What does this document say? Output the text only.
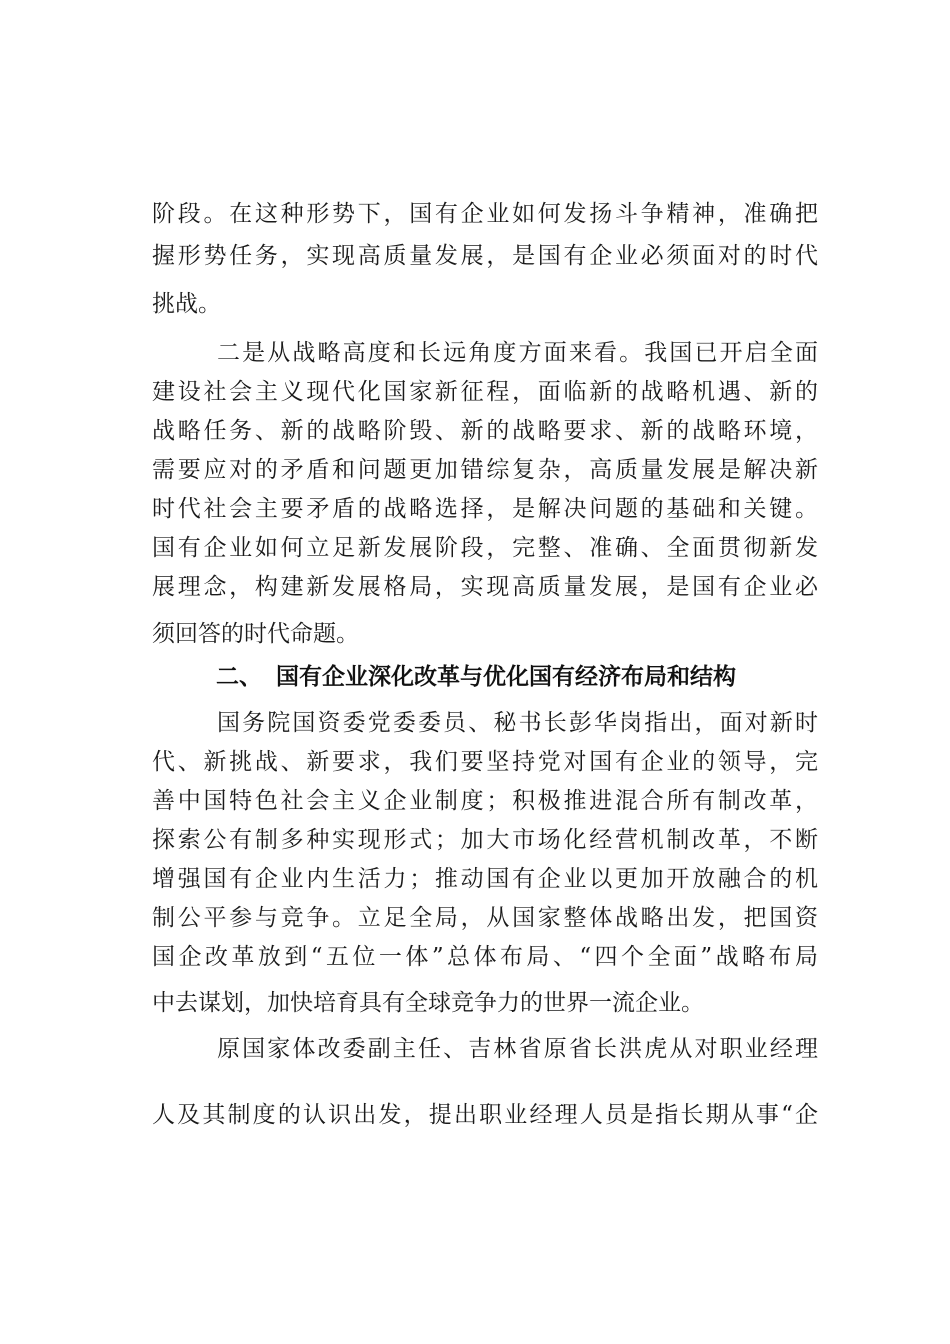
阶段。在这种形势下，国有企业如何发扬斗争精神，准确把
握形势任务，实现高质量发展，是国有企业必须面对的时代
挑战。
二是从战略高度和长远角度方面来看。我国已开启全面
建设社会主义现代化国家新征程，面临新的战略机遇、新的
战略任务、新的战略阶毁、新的战略要求、新的战略环境，
需要应对的矛盾和问题更加错综复杂，高质量发展是解决新
时代社会主要矛盾的战略选择，是解决问题的基础和关键。
国有企业如何立足新发展阶段，完整、准确、全面贯彻新发
展理念，构建新发展格局，实现高质量发展，是国有企业必
须回答的时代命题。
二、 国有企业深化改革与优化国有经济布局和结构
国务院国资委党委委员、秘书长彭华岗指出，面对新时
代、新挑战、新要求，我们要坚持党对国有企业的领导，完
善中国特色社会主义企业制度；积极推进混合所有制改革，
探索公有制多种实现形式；加大市场化经营机制改革，不断
增强国有企业内生活力；推动国有企业以更加开放融合的机
制公平参与竞争。立足全局，从国家整体战略出发，把国资
国企改革放到“五位一体”总体布局、“四个全面”战略布局
中去谋划，加快培育具有全球竞争力的世界一流企业。
原国家体改委副主任、吉林省原省长洪虎从对职业经理
人及其制度的认识出发，提出职业经理人员是指长期从事“企
